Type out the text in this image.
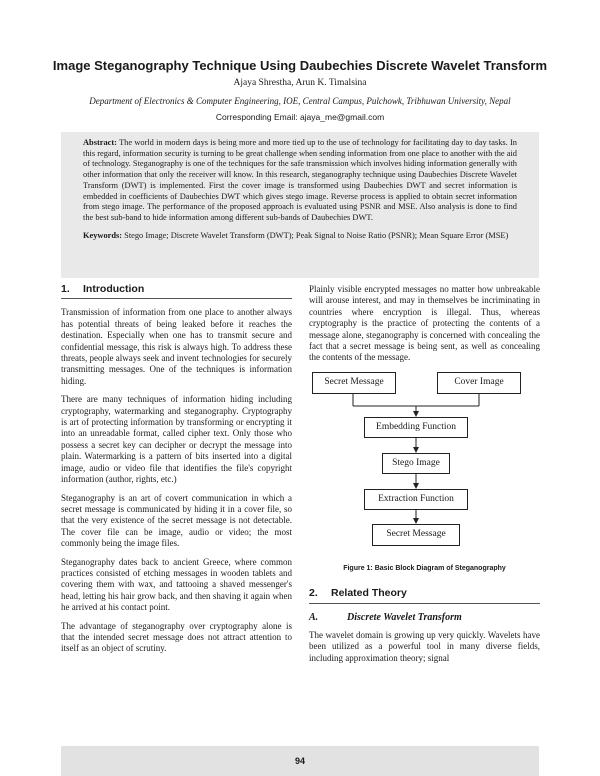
Image Steganography Technique Using Daubechies Discrete Wavelet Transform
Ajaya Shrestha, Arun K. Timalsina
Department of Electronics & Computer Engineering, IOE, Central Campus, Pulchowk, Tribhuwan University, Nepal
Corresponding Email: ajaya_me@gmail.com

Abstract: The world in modern days is being more and more tied up to the use of technology for facilitating day to day tasks. In this regard, information security is turning to be great challenge when sending information from one place to another with the aid of technology. Steganography is one of the techniques for the safe transmission which involves hiding information generally with other information that only the receiver will know. In this research, steganography technique using Daubechies Discrete Wavelet Transform (DWT) is implemented. First the cover image is transformed using Daubechies DWT and secret information is embedded in coefficients of Daubechies DWT which gives stego image. Reverse process is applied to obtain secret information from stego image. The performance of the proposed approach is evaluated using PSNR and MSE. Also analysis is done to find the best sub-band to hide information among different sub-bands of Daubechies DWT.

Keywords: Stego Image; Discrete Wavelet Transform (DWT); Peak Signal to Noise Ratio (PSNR); Mean Square Error (MSE)

1.	Introduction

Transmission of information from one place to another always has potential threats of being leaked before it reaches the destination. Especially when one has to transmit secure and confidential message, this risk is always high. To address these threats, people always seek and invent technologies for securely transmitting messages. One of the techniques is information hiding.

There are many techniques of information hiding including cryptography, watermarking and steganography. Cryptography is art of protecting information by transforming or encrypting it into an unreadable format, called cipher text. Only those who possess a secret key can decipher or decrypt the message into plain. Watermarking is a pattern of bits inserted into a digital image, audio or video file that identifies the file's copyright information (author, rights, etc.)

Steganography is an art of covert communication in which a secret message is communicated by hiding it in a cover file, so that the very existence of the secret message is not detectable. The cover file can be image, audio or video; the most commonly being the image files.

Steganography dates back to ancient Greece, where common practices consisted of etching messages in wooden tablets and covering them with wax, and tattooing a shaved messenger's head, letting his hair grow back, and then shaving it again when he arrived at his contact point.

The advantage of steganography over cryptography alone is that the intended secret message does not attract attention to itself as an object of scrutiny.

Plainly visible encrypted messages no matter how unbreakable will arouse interest, and may in themselves be incriminating in countries where encryption is illegal. Thus, whereas cryptography is the practice of protecting the contents of a message alone, steganography is concerned with concealing the fact that a secret message is being sent, as well as concealing the contents of the message.

Secret Message	Cover Image
Embedding Function
Stego Image
Extraction Function
Secret Message
Figure 1: Basic Block Diagram of Steganography
2.	Related Theory
A.	Discrete Wavelet Transform

The wavelet domain is growing up very quickly. Wavelets have been utilized as a powerful tool in many diverse fields, including approximation theory; signal

94
